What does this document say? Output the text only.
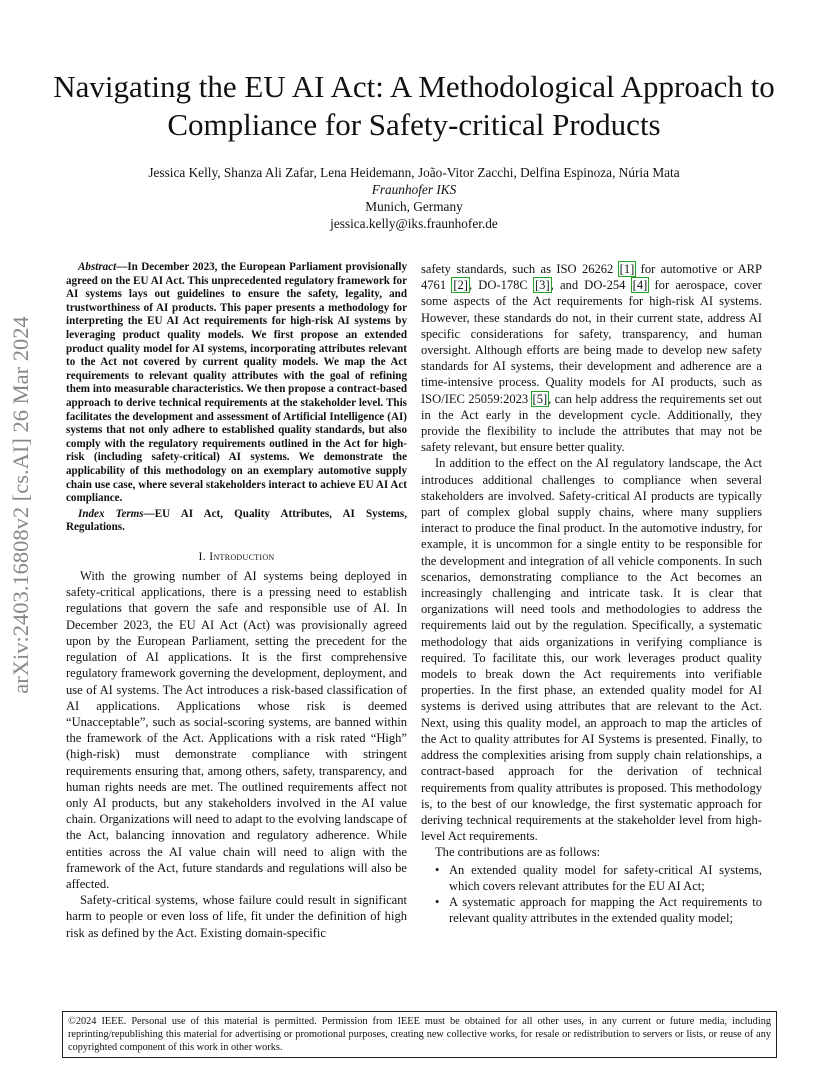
arXiv:2403.16808v2 [cs.AI] 26 Mar 2024
Navigating the EU AI Act: A Methodological Approach to Compliance for Safety-critical Products
Jessica Kelly, Shanza Ali Zafar, Lena Heidemann, João-Vitor Zacchi, Delfina Espinoza, Núria Mata
Fraunhofer IKS
Munich, Germany
jessica.kelly@iks.fraunhofer.de

Abstract—In December 2023, the European Parliament provisionally agreed on the EU AI Act. This unprecedented regulatory framework for AI systems lays out guidelines to ensure the safety, legality, and trustworthiness of AI products. This paper presents a methodology for interpreting the EU AI Act requirements for high-risk AI systems by leveraging product quality models. We first propose an extended product quality model for AI systems, incorporating attributes relevant to the Act not covered by current quality models. We map the Act requirements to relevant quality attributes with the goal of refining them into measurable characteristics. We then propose a contract-based approach to derive technical requirements at the stakeholder level. This facilitates the development and assessment of Artificial Intelligence (AI) systems that not only adhere to established quality standards, but also comply with the regulatory requirements outlined in the Act for high-risk (including safety-critical) AI systems. We demonstrate the applicability of this methodology on an exemplary automotive supply chain use case, where several stakeholders interact to achieve EU AI Act compliance.

Index Terms—EU AI Act, Quality Attributes, AI Systems, Regulations.

I. Introduction

With the growing number of AI systems being deployed in safety-critical applications, there is a pressing need to establish regulations that govern the safe and responsible use of AI. In December 2023, the EU AI Act (Act) was provisionally agreed upon by the European Parliament, setting the precedent for the regulation of AI applications. It is the first comprehensive regulatory framework governing the development, deployment, and use of AI systems. The Act introduces a risk-based classification of AI applications. Applications whose risk is deemed “Unacceptable”, such as social-scoring systems, are banned within the framework of the Act. Applications with a risk rated “High” (high-risk) must demonstrate compliance with stringent requirements ensuring that, among others, safety, transparency, and human rights needs are met. The outlined requirements affect not only AI products, but any stakeholders involved in the AI value chain. Organizations will need to adapt to the evolving landscape of the Act, balancing innovation and regulatory adherence. While entities across the AI value chain will need to align with the framework of the Act, future standards and regulations will also be affected.

Safety-critical systems, whose failure could result in significant harm to people or even loss of life, fit under the definition of high risk as defined by the Act. Existing domain-specific

safety standards, such as ISO 26262 [1] for automotive or ARP 4761 [2], DO-178C [3], and DO-254 [4] for aerospace, cover some aspects of the Act requirements for high-risk AI systems. However, these standards do not, in their current state, address AI specific considerations for safety, transparency, and human oversight. Although efforts are being made to develop new safety standards for AI systems, their development and adherence are a time-intensive process. Quality models for AI products, such as ISO/IEC 25059:2023 [5], can help address the requirements set out in the Act early in the development cycle. Additionally, they provide the flexibility to include the attributes that may not be safety relevant, but ensure better quality.

In addition to the effect on the AI regulatory landscape, the Act introduces additional challenges to compliance when several stakeholders are involved. Safety-critical AI products are typically part of complex global supply chains, where many suppliers interact to produce the final product. In the automotive industry, for example, it is uncommon for a single entity to be responsible for the development and integration of all vehicle components. In such scenarios, demonstrating compliance to the Act becomes an increasingly challenging and intricate task. It is clear that organizations will need tools and methodologies to address the requirements laid out by the regulation. Specifically, a systematic methodology that aids organizations in verifying compliance is required. To facilitate this, our work leverages product quality models to break down the Act requirements into verifiable properties. In the first phase, an extended quality model for AI systems is derived using attributes that are relevant to the Act. Next, using this quality model, an approach to map the articles of the Act to quality attributes for AI Systems is presented. Finally, to address the complexities arising from supply chain relationships, a contract-based approach for the derivation of technical requirements from quality attributes is proposed. This methodology is, to the best of our knowledge, the first systematic approach for deriving technical requirements at the stakeholder level from high-level Act requirements.

The contributions are as follows:

• An extended quality model for safety-critical AI systems, which covers relevant attributes for the EU AI Act;
• A systematic approach for mapping the Act requirements to relevant quality attributes in the extended quality model;
©2024 IEEE. Personal use of this material is permitted. Permission from IEEE must be obtained for all other uses, in any current or future media, including reprinting/republishing this material for advertising or promotional purposes, creating new collective works, for resale or redistribution to servers or lists, or reuse of any copyrighted component of this work in other works.
